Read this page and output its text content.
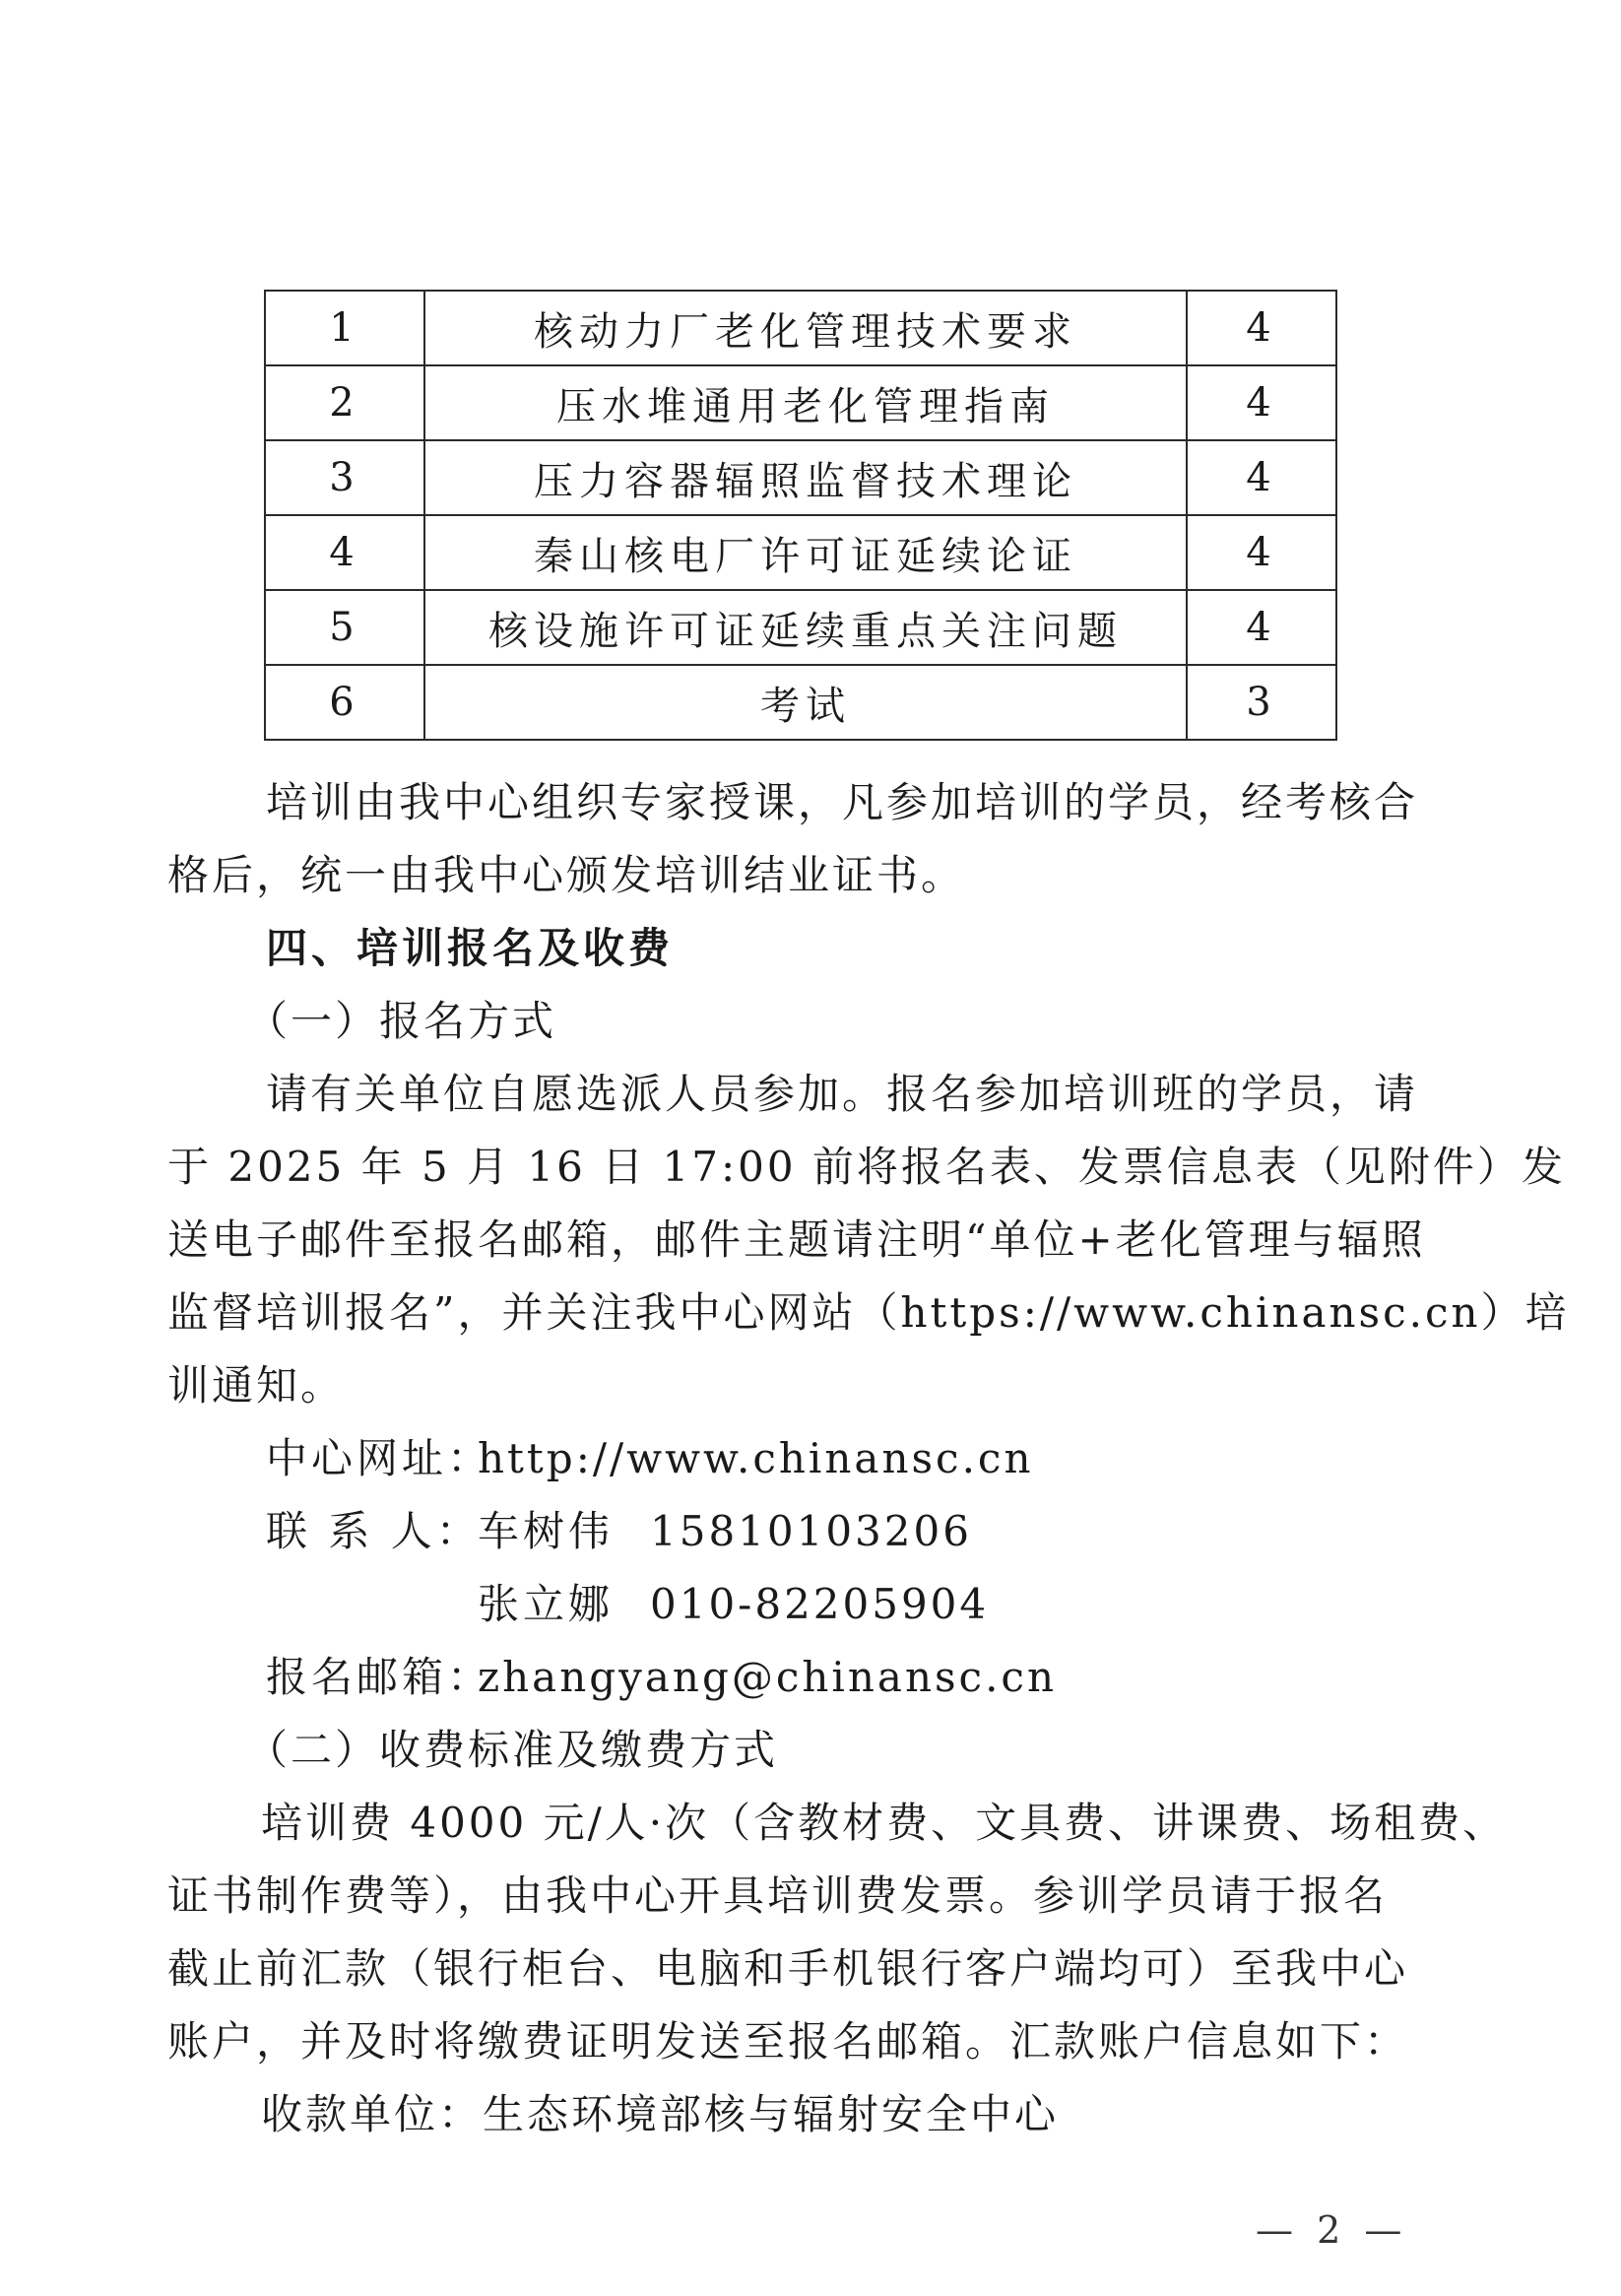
1	核动力厂老化管理技术要求	4
2	压水堆通用老化管理指南	4
3	压力容器辐照监督技术理论	4
4	秦山核电厂许可证延续论证	4
5	核设施许可证延续重点关注问题	4
6	考试	3
培训由我中心组织专家授课，凡参加培训的学员，经考核合
格后，统一由我中心颁发培训结业证书。
四、培训报名及收费
（一）报名方式
请有关单位自愿选派人员参加。报名参加培训班的学员，请
于 2025 年 5 月 16 日 17:00 前将报名表、发票信息表（见附件）发
送电子邮件至报名邮箱，邮件主题请注明“单位+老化管理与辐照
监督培训报名”，并关注我中心网站（https://www.chinansc.cn）培
训通知。
中心网址：http://www.chinansc.cn
联 系 人：车树伟 15810103206
张立娜 010-82205904
报名邮箱：zhangyang@chinansc.cn
（二）收费标准及缴费方式
培训费 4000 元/人·次（含教材费、文具费、讲课费、场租费、
证书制作费等），由我中心开具培训费发票。参训学员请于报名
截止前汇款（银行柜台、电脑和手机银行客户端均可）至我中心
账户，并及时将缴费证明发送至报名邮箱。汇款账户信息如下：
收款单位：生态环境部核与辐射安全中心
— 2 —
